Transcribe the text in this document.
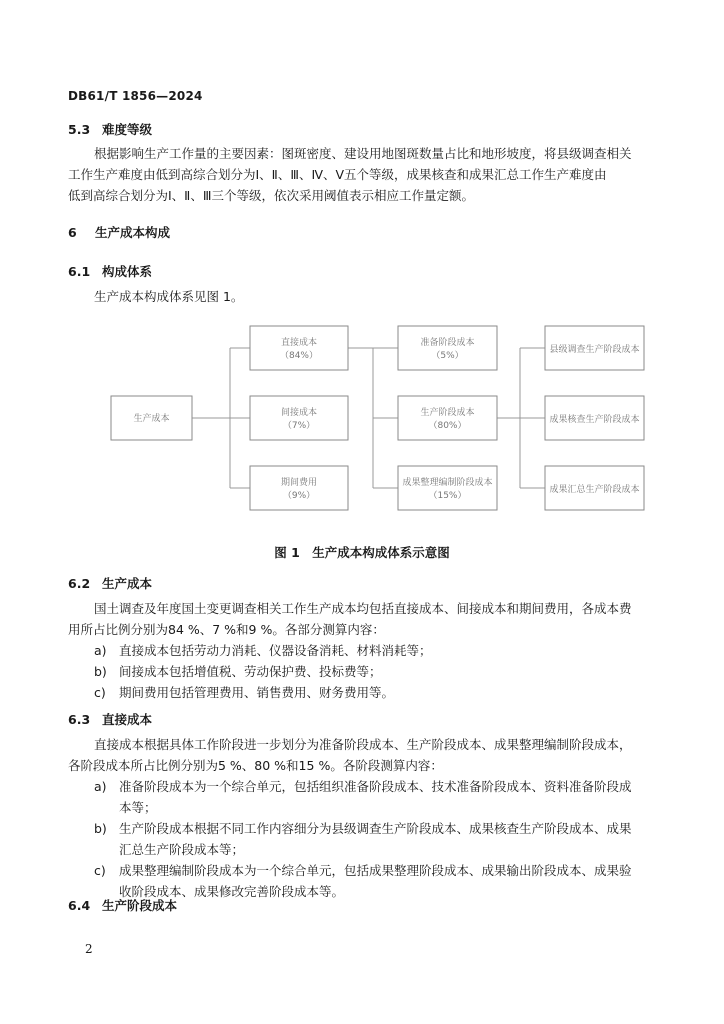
DB61/T 1856—2024
5.3 难度等级
根据影响生产工作量的主要因素：图斑密度、建设用地图斑数量占比和地形坡度，将县级调查相关
工作生产难度由低到高综合划分为Ⅰ、Ⅱ、Ⅲ、Ⅳ、Ⅴ五个等级，成果核查和成果汇总工作生产难度由
低到高综合划分为Ⅰ、Ⅱ、Ⅲ三个等级，依次采用阈值表示相应工作量定额。
6 生产成本构成
6.1 构成体系
生产成本构成体系见图 1。
生产成本
直接成本
（84%）
间接成本
（7%）
期间费用
（9%）
准备阶段成本
（5%）
生产阶段成本
（80%）
成果整理编制阶段成本
（15%）
县级调查生产阶段成本
成果核查生产阶段成本
成果汇总生产阶段成本
图 1　生产成本构成体系示意图
6.2 生产成本
国土调查及年度国土变更调查相关工作生产成本均包括直接成本、间接成本和期间费用，各成本费
用所占比例分别为84 %、7 %和9 %。各部分测算内容：
a) 直接成本包括劳动力消耗、仪器设备消耗、材料消耗等；
b) 间接成本包括增值税、劳动保护费、投标费等；
c)	期间费用包括管理费用、销售费用、财务费用等。
6.3 直接成本
直接成本根据具体工作阶段进一步划分为准备阶段成本、生产阶段成本、成果整理编制阶段成本，
各阶段成本所占比例分别为5 %、80 %和15 %。各阶段测算内容：
a) 准备阶段成本为一个综合单元，包括组织准备阶段成本、技术准备阶段成本、资料准备阶段成
本等；
b) 生产阶段成本根据不同工作内容细分为县级调查生产阶段成本、成果核查生产阶段成本、成果
汇总生产阶段成本等；
c)	成果整理编制阶段成本为一个综合单元，包括成果整理阶段成本、成果输出阶段成本、成果验
收阶段成本、成果修改完善阶段成本等。
6.4 生产阶段成本
2
